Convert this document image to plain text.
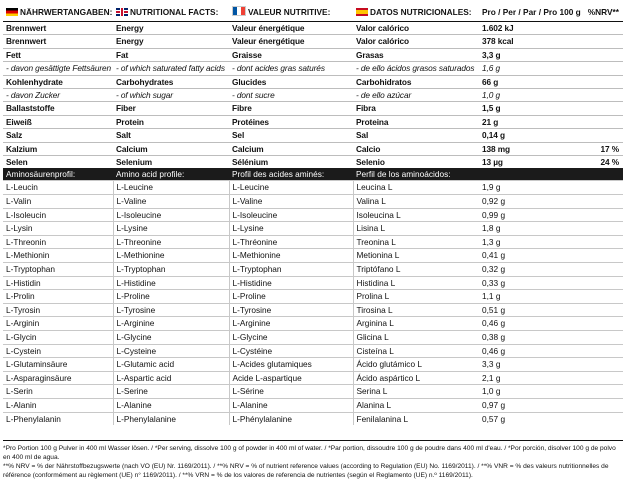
NÄHRWERTANGABEN:	NUTRITIONAL FACTS:	VALEUR NUTRITIVE:	DATOS NUTRICIONALES:	Pro / Per / Par / Pro 100 g	%NRV**
Brennwert	Energy	Valeur énergétique	Valor calórico	1.602 kJ	
Brennwert	Energy	Valeur énergétique	Valor calórico	378 kcal	
Fett	Fat	Graisse	Grasas	3,3 g	
- davon gesättigte Fettsäuren	- of which saturated fatty acids	- dont acides gras saturés	- de ello ácidos grasos saturados	1,6 g	
Kohlenhydrate	Carbohydrates	Glucides	Carbohidratos	66 g	
- davon Zucker	- of which sugar	- dont sucre	- de ello azúcar	1,0 g	
Ballaststoffe	Fiber	Fibre	Fibra	1,5 g	
Eiweiß	Protein	Protéines	Proteina	21 g	
Salz	Salt	Sel	Sal	0,14 g	
Kalzium	Calcium	Calcium	Calcio	138 mg	17 %
Selen	Selenium	Sélénium	Selenio	13 µg	24 %
Aminosäurenprofil:	Amino acid profile:	Profil des acides aminés:	Perfil de los aminoácidos:	
L-Leucin	L-Leucine	L-Leucine	Leucina L	1,9 g
L-Valin	L-Valine	L-Valine	Valina L	0,92 g
L-Isoleucin	L-Isoleucine	L-Isoleucine	Isoleucina L	0,99 g
L-Lysin	L-Lysine	L-Lysine	Lisina L	1,8 g
L-Threonin	L-Threonine	L-Thréonine	Treonina L	1,3 g
L-Methionin	L-Methionine	L-Methionine	Metionina L	0,41 g
L-Tryptophan	L-Tryptophan	L-Tryptophan	Triptófano L	0,32 g
L-Histidin	L-Histidine	L-Histidine	Histidina L	0,33 g
L-Prolin	L-Proline	L-Proline	Prolina L	1,1 g
L-Tyrosin	L-Tyrosine	L-Tyrosine	Tirosina L	0,51 g
L-Arginin	L-Arginine	L-Arginine	Arginina L	0,46 g
L-Glycin	L-Glycine	L-Glycine	Glicina L	0,38 g
L-Cystein	L-Cysteine	L-Cystéine	Cisteína L	0,46 g
L-Glutaminsäure	L-Glutamic acid	L-Acides glutamiques	Ácido glutámico L	3,3 g
L-Asparaginsäure	L-Aspartic acid	Acide L-aspartique	Ácido aspártico L	2,1 g
L-Serin	L-Serine	L-Sérine	Serina L	1,0 g
L-Alanin	L-Alanine	L-Alanine	Alanina L	0,97 g
L-Phenylalanin	L-Phenylalanine	L-Phénylalanine	Fenilalanina L	0,57 g

*Pro Portion 100 g Pulver in 400 ml Wasser lösen. / *Per serving, dissolve 100 g of powder in 400 ml of water. / *Par portion, dissoudre 100 g de poudre dans 400 ml d'eau. / *Por porción, disolver 100 g de polvo en 400 ml de agua.

**% NRV = % der Nährstoffbezugswerte (nach VO (EU) Nr. 1169/2011). / **% NRV = % of nutrient reference values (according to Regulation (EU) No. 1169/2011). / **% VNR = % des valeurs nutritionnelles de référence (conformément au règlement (UE) n° 1169/2011). / **% VRN = % de los valores de referencia de nutrientes (según el Reglamento (UE) n.º 1169/2011).
